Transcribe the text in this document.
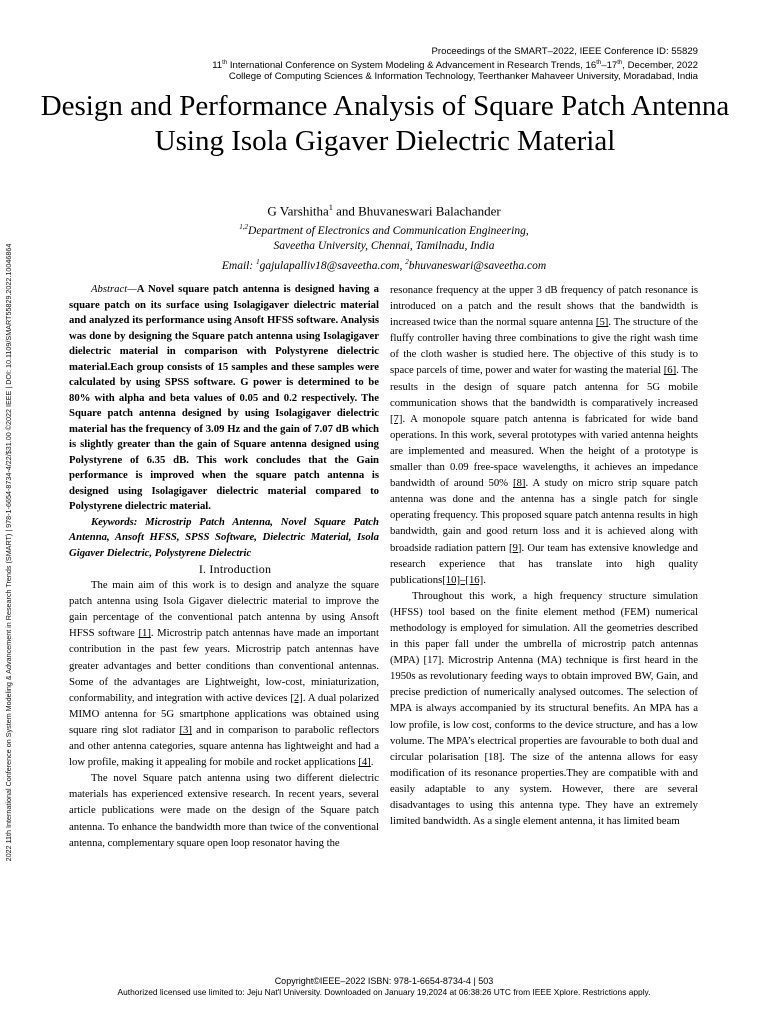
2022 11th International Conference on System Modeling & Advancement in Research Trends (SMART) | 978-1-6654-8734-4/22/$31.00 ©2022 IEEE | DOI: 10.1109/SMART55829.2022.10046864
Proceedings of the SMART–2022, IEEE Conference ID: 55829
11th International Conference on System Modeling & Advancement in Research Trends, 16th–17th, December, 2022
College of Computing Sciences & Information Technology, Teerthanker Mahaveer University, Moradabad, India
Design and Performance Analysis of Square Patch Antenna Using Isola Gigaver Dielectric Material
G Varshitha$^1$ and Bhuvaneswari Balachander
$^{1,2}$Department of Electronics and Communication Engineering,
Saveetha University, Chennai, Tamilnadu, India
Email: $^1$gajulapalliv18@saveetha.com, $^2$bhuvaneswari@saveetha.com

Abstract—A Novel square patch antenna is designed having a square patch on its surface using Isolagigaver dielectric material and analyzed its performance using Ansoft HFSS software. Analysis was done by designing the Square patch antenna using Isolagigaver dielectric material in comparison with Polystyrene dielectric material.Each group consists of 15 samples and these samples were calculated by using SPSS software. G power is determined to be 80% with alpha and beta values of 0.05 and 0.2 respectively. The Square patch antenna designed by using Isolagigaver dielectric material has the frequency of 3.09 Hz and the gain of 7.07 dB which is slightly greater than the gain of Square antenna designed using Polystyrene of 6.35 dB. This work concludes that the Gain performance is improved when the square patch antenna is designed using Isolagigaver dielectric material compared to Polystyrene dielectric material.

Keywords: Microstrip Patch Antenna, Novel Square Patch Antenna, Ansoft HFSS, SPSS Software, Dielectric Material, Isola Gigaver Dielectric, Polystyrene Dielectric

I. Introduction

The main aim of this work is to design and analyze the square patch antenna using Isola Gigaver dielectric material to improve the gain percentage of the conventional patch antenna by using Ansoft HFSS software [1]. Microstrip patch antennas have made an important contribution in the past few years. Microstrip patch antennas have greater advantages and better conditions than conventional antennas. Some of the advantages are Lightweight, low-cost, miniaturization, conformability, and integration with active devices [2]. A dual polarized MIMO antenna for 5G smartphone applications was obtained using square ring slot radiator [3] and in comparison to parabolic reflectors and other antenna categories, square antenna has lightweight and had a low profile, making it appealing for mobile and rocket applications [4].

The novel Square patch antenna using two different dielectric materials has experienced extensive research. In recent years, several article publications were made on the design of the Square patch antenna. To enhance the bandwidth more than twice of the conventional antenna, complementary square open loop resonator having the

resonance frequency at the upper 3 dB frequency of patch resonance is introduced on a patch and the result shows that the bandwidth is increased twice than the normal square antenna [5]. The structure of the fluffy controller having three combinations to give the right wash time of the cloth washer is studied here. The objective of this study is to space parcels of time, power and water for wasting the material [6]. The results in the design of square patch antenna for 5G mobile communication shows that the bandwidth is comparatively increased [7]. A monopole square patch antenna is fabricated for wide band operations. In this work, several prototypes with varied antenna heights are implemented and measured. When the height of a prototype is smaller than 0.09 free-space wavelengths, it achieves an impedance bandwidth of around 50% [8]. A study on micro strip square patch antenna was done and the antenna has a single patch for single operating frequency. This proposed square patch antenna results in high bandwidth, gain and good return loss and it is achieved along with broadside radiation pattern [9]. Our team has extensive knowledge and research experience that has translate into high quality publications[10]–[16].

Throughout this work, a high frequency structure simulation (HFSS) tool based on the finite element method (FEM) numerical methodology is employed for simulation. All the geometries described in this paper fall under the umbrella of microstrip patch antennas (MPA) [17]. Microstrip Antenna (MA) technique is first heard in the 1950s as revolutionary feeding ways to obtain improved BW, Gain, and precise prediction of numerically analysed outcomes. The selection of MPA is always accompanied by its structural benefits. An MPA has a low profile, is low cost, conforms to the device structure, and has a low volume. The MPA’s electrical properties are favourable to both dual and circular polarisation [18]. The size of the antenna allows for easy modification of its resonance properties.They are compatible with and easily adaptable to any system. However, there are several disadvantages to using this antenna type. They have an extremely limited bandwidth. As a single element antenna, it has limited beam

Copyright©IEEE–2022 ISBN: 978-1-6654-8734-4 | 503
Authorized licensed use limited to: Jeju Nat'l University. Downloaded on January 19,2024 at 06:38:26 UTC from IEEE Xplore. Restrictions apply.
